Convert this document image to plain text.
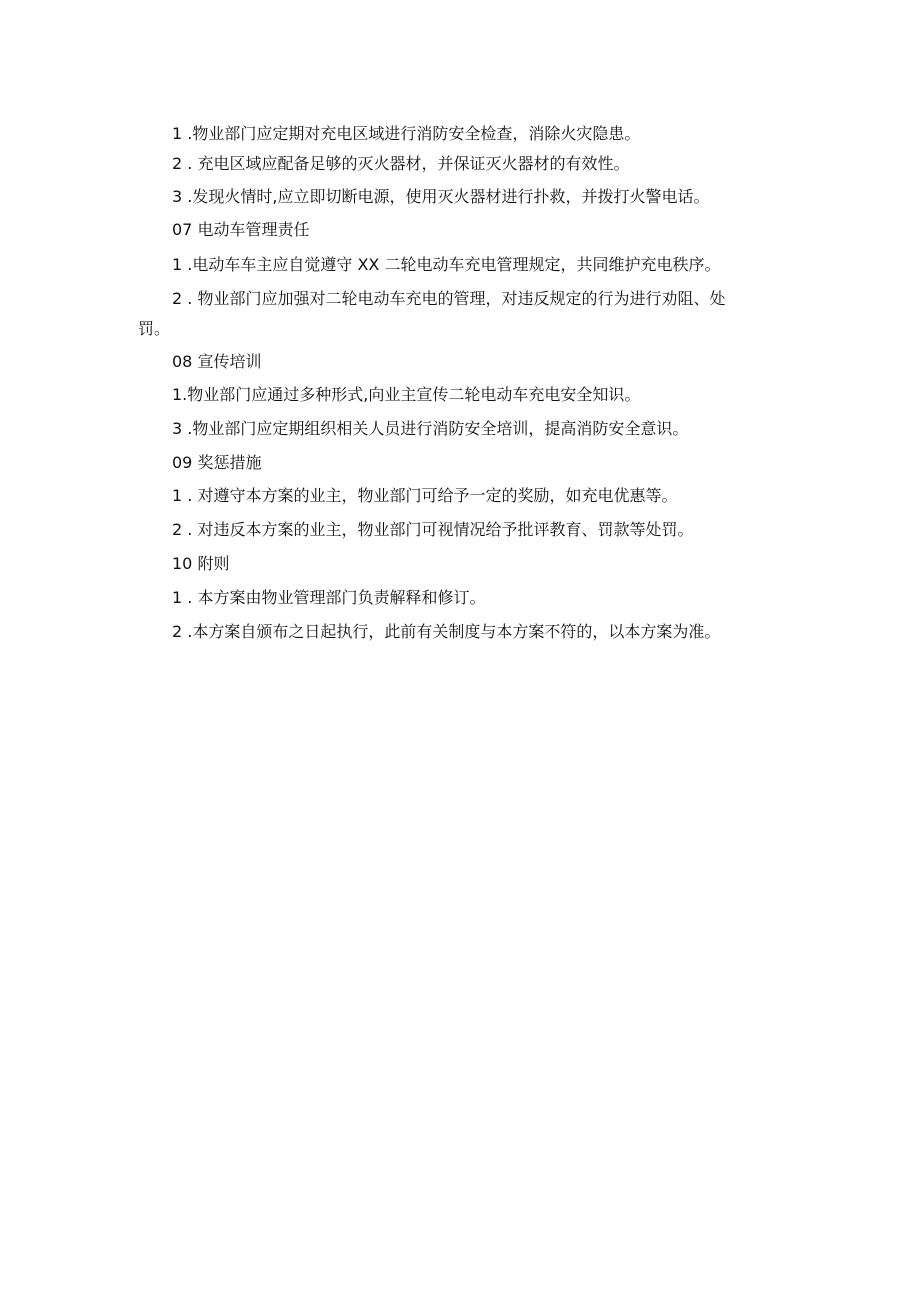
1 .物业部门应定期对充电区域进行消防安全检查，消除火灾隐患。
2 . 充电区域应配备足够的灭火器材，并保证灭火器材的有效性。
3 .发现火情时,应立即切断电源，使用灭火器材进行扑救，并拨打火警电话。
07 电动车管理责任
1 .电动车车主应自觉遵守 XX 二轮电动车充电管理规定，共同维护充电秩序。
2 . 物业部门应加强对二轮电动车充电的管理，对违反规定的行为进行劝阻、处
罚。
08 宣传培训
1.物业部门应通过多种形式,向业主宣传二轮电动车充电安全知识。
3 .物业部门应定期组织相关人员进行消防安全培训，提高消防安全意识。
09 奖惩措施
1 . 对遵守本方案的业主，物业部门可给予一定的奖励，如充电优惠等。
2 . 对违反本方案的业主，物业部门可视情况给予批评教育、罚款等处罚。
10 附则
1 . 本方案由物业管理部门负责解释和修订。
2 .本方案自颁布之日起执行，此前有关制度与本方案不符的，以本方案为准。
